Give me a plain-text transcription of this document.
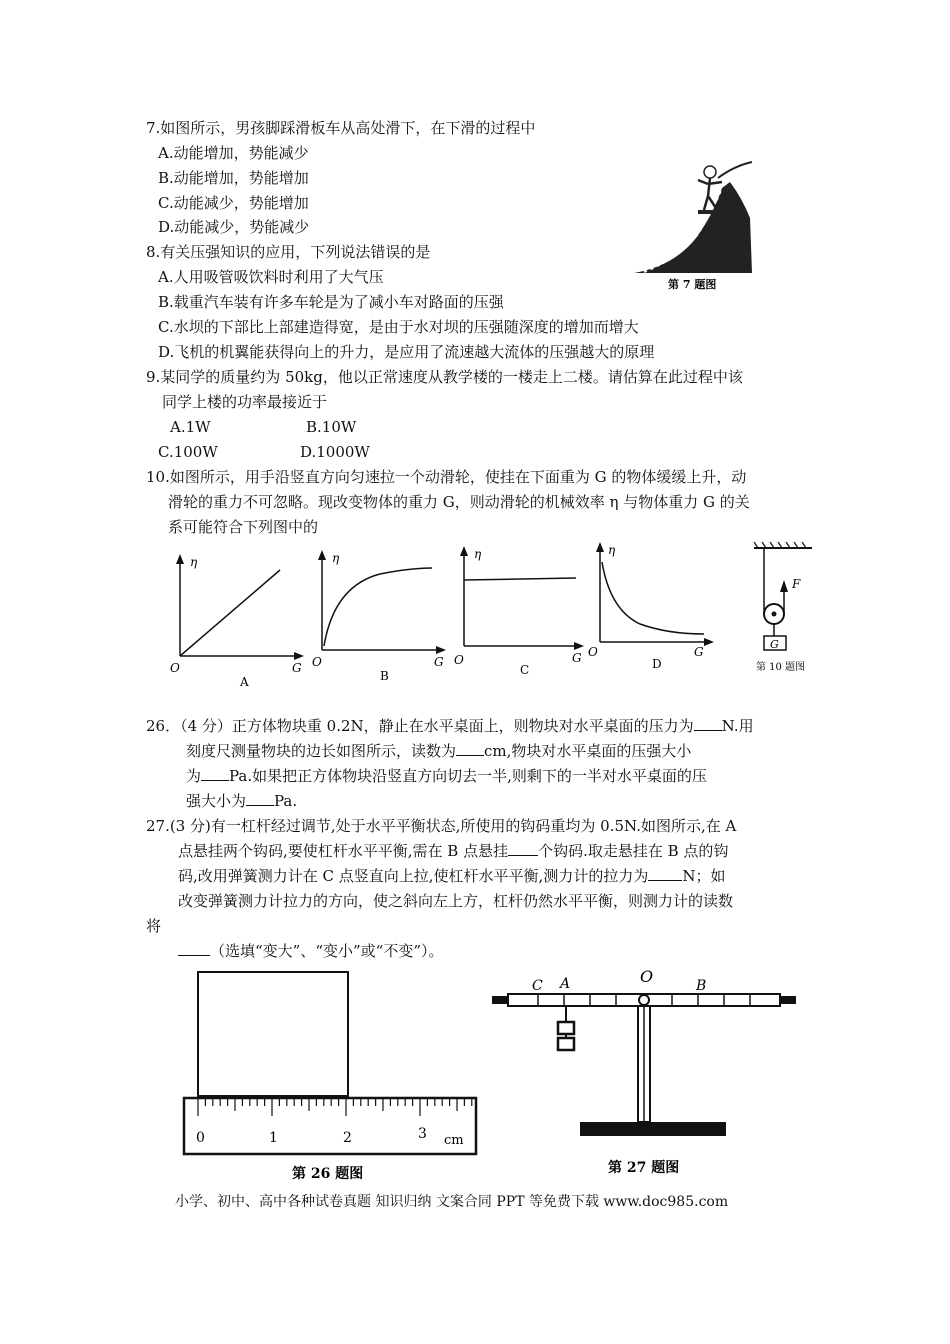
7.如图所示，男孩脚踩滑板车从高处滑下，在下滑的过程中
A.动能增加，势能减少
B.动能增加，势能增加
C.动能减少，势能增加
D.动能减少，势能减少
第 7 题图
8.有关压强知识的应用，下列说法错误的是
A.人用吸管吸饮料时利用了大气压
B.载重汽车装有许多车轮是为了减小车对路面的压强
C.水坝的下部比上部建造得宽，是由于水对坝的压强随深度的增加而增大
D.飞机的机翼能获得向上的升力，是应用了流速越大流体的压强越大的原理
9.某同学的质量约为 50kg，他以正常速度从教学楼的一楼走上二楼。请估算在此过程中该
同学上楼的功率最接近于
A.1W	B.10W
C.100W	D.1000W
10.如图所示，用手沿竖直方向匀速拉一个动滑轮，使挂在下面重为 G 的物体缓缓上升，动
滑轮的重力不可忽略。现改变物体的重力 G，则动滑轮的机械效率 η 与物体重力 G 的关
系可能符合下列图中的
η
G
O
A
η
G
O
B
η
G
O
C
η
G
O
D
F
G
第 10 题图
26．（4 分）正方体物块重 0.2N，静止在水平桌面上，则物块对水平桌面的压力为 N.用
刻度尺测量物块的边长如图所示，读数为 cm,物块对水平桌面的压强大小
为 Pa.如果把正方体物块沿竖直方向切去一半,则剩下的一半对水平桌面的压
强大小为 Pa.
27.(3 分)有一杠杆经过调节,处于水平平衡状态,所使用的钩码重均为 0.5N.如图所示,在 A
点悬挂两个钩码,要使杠杆水平平衡,需在 B 点悬挂 个钩码.取走悬挂在 B 点的钩
码,改用弹簧测力计在 C 点竖直向上拉,使杠杆水平平衡,测力计的拉力为 N；如
改变弹簧测力计拉力的方向，使之斜向左上方，杠杆仍然水平平衡，则测力计的读数
将
（选填“变大”、“变小”或“不变”）。
0	1	2	3 cm
第 26 题图
C A	O	B
第 27 题图
小学、初中、高中各种试卷真题 知识归纳 文案合同 PPT 等免费下载 www.doc985.com
